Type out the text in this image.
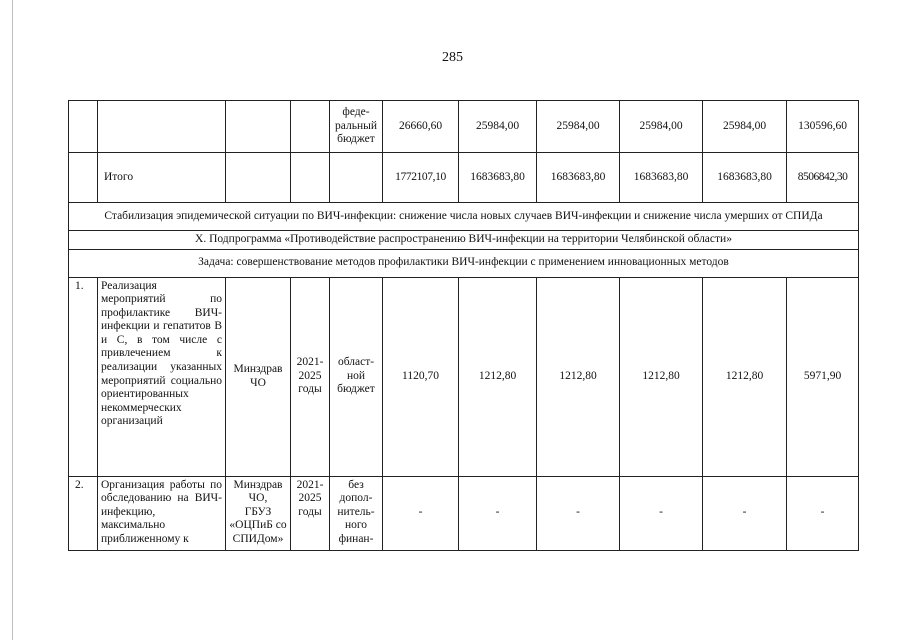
285
				феде-
ральный
бюджет	26660,60	25984,00	25984,00	25984,00	25984,00	130596,60
	Итого				1772107,10	1683683,80	1683683,80	1683683,80	1683683,80	8506842,30
Стабилизация эпидемической ситуации по ВИЧ-инфекции: снижение числа новых случаев ВИЧ-инфекции и снижение числа умерших от СПИДа										
X. Подпрограмма «Противодействие распространению ВИЧ-инфекции на территории Челябинской области»										
Задача: совершенствование методов профилактики ВИЧ-инфекции с применением инновационных методов										
1.	Реализация мероприятий по профилактике ВИЧ-инфекции и гепатитов В и С, в том числе с привлечением к реализации указанных мероприятий социально ориентированных некоммерческих организаций	Минздрав ЧО	2021-
2025
годы	област-
ной
бюджет	1120,70	1212,80	1212,80	1212,80	1212,80	5971,90
2.	Организация работы по обследованию на ВИЧ-инфекцию, максимально приближенному к	Минздрав ЧО,
ГБУЗ
«ОЦПиБ со СПИДом»	2021-
2025
годы	без
допол-
нитель-
ного
финан-	-	-	-	-	-	-
